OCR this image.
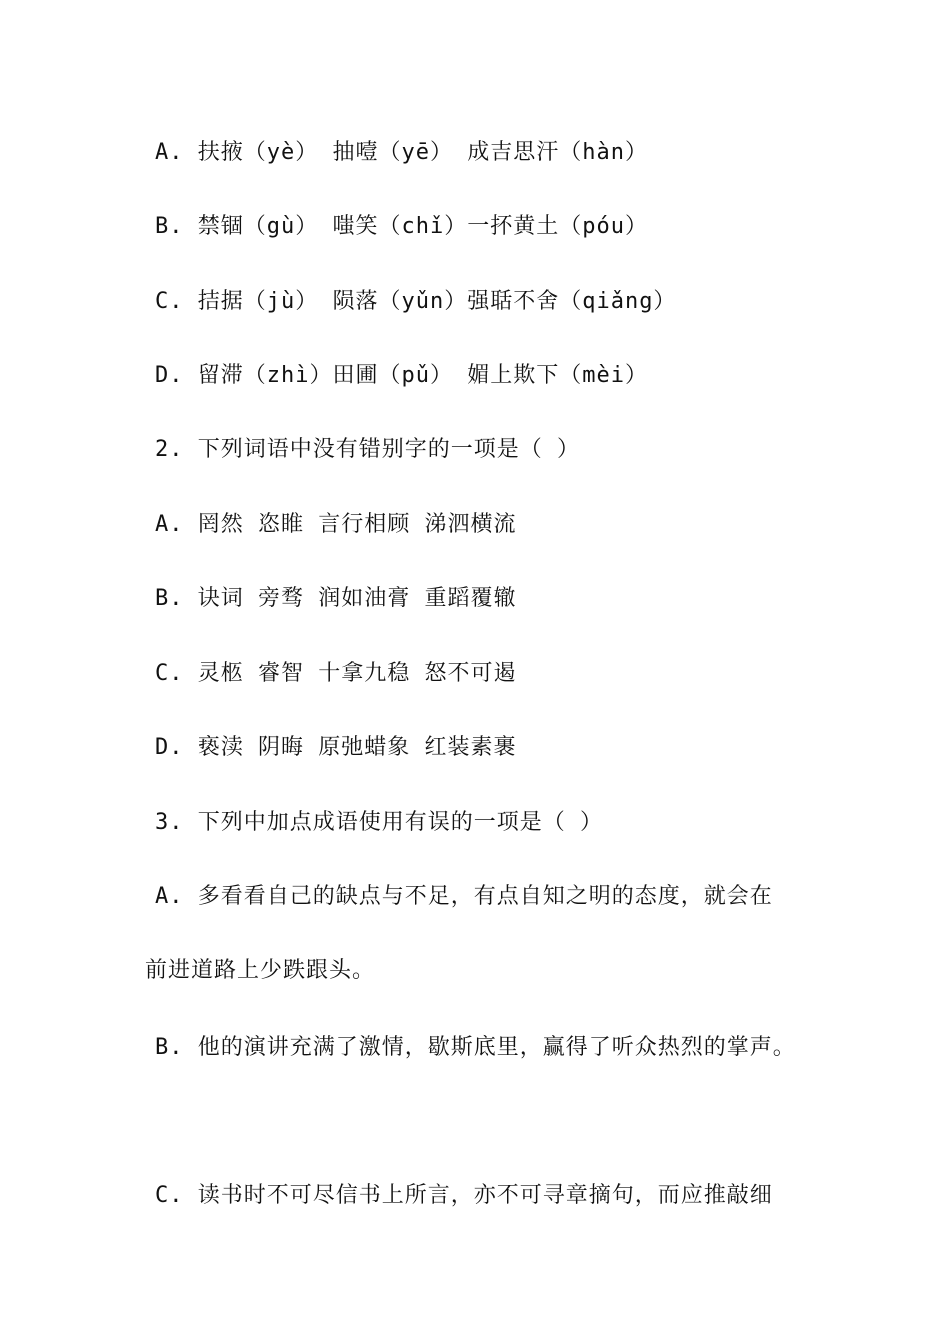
A. 扶掖（yè） 抽噎（yē） 成吉思汗（hàn）
B. 禁锢（gù） 嗤笑（chǐ）一抔黄土（póu）
C. 拮据（jù） 陨落（yǔn）强聒不舍（qiǎng）
D. 留滞（zhì）田圃（pǔ） 媚上欺下（mèi）
2. 下列词语中没有错别字的一项是（ ）
A. 罔然 恣睢 言行相顾 涕泗横流
B. 诀词 旁骛 润如油膏 重蹈覆辙
C. 灵柩 睿智 十拿九稳 怒不可遏
D. 亵渎 阴晦 原弛蜡象 红装素裹
3. 下列中加点成语使用有误的一项是（ ）
A. 多看看自己的缺点与不足，有点自知之明的态度，就会在
前进道路上少跌跟头。
B. 他的演讲充满了激情，歇斯底里，赢得了听众热烈的掌声。
C. 读书时不可尽信书上所言，亦不可寻章摘句，而应推敲细
